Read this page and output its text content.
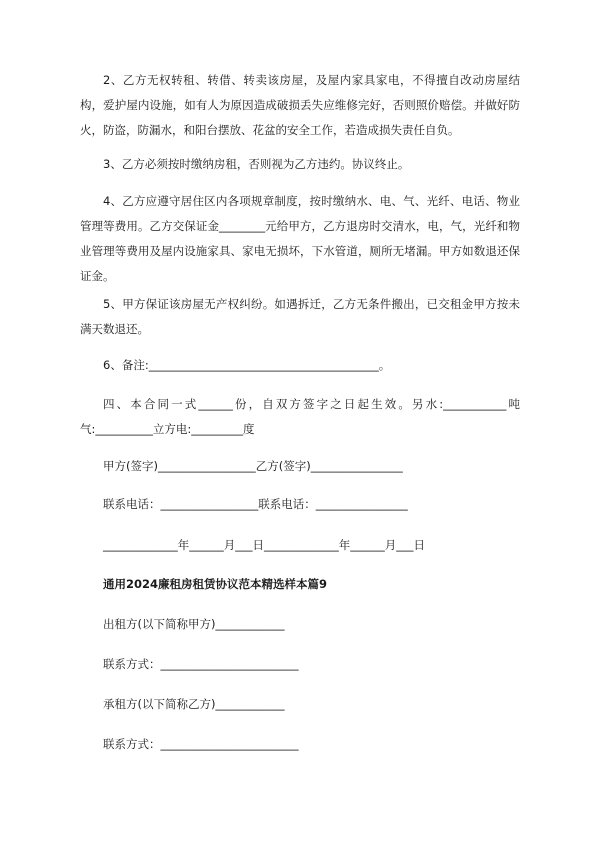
2、乙方无权转租、转借、转卖该房屋，及屋内家具家电，不得擅自改动房屋结构，爱护屋内设施，如有人为原因造成破损丢失应维修完好，否则照价赔偿。并做好防火，防盗，防漏水，和阳台摆放、花盆的安全工作，若造成损失责任自负。

3、乙方必须按时缴纳房租，否则视为乙方违约。协议终止。

4、乙方应遵守居住区内各项规章制度，按时缴纳水、电、气、光纤、电话、物业管理等费用。乙方交保证金________元给甲方，乙方退房时交清水，电，气，光纤和物业管理等费用及屋内设施家具、家电无损坏，下水管道，厕所无堵漏。甲方如数退还保证金。

5、甲方保证该房屋无产权纠纷。如遇拆迁，乙方无条件搬出，已交租金甲方按未满天数退还。

6、备注:________________________________________。

四、本合同一式______份，自双方签字之日起生效。另水:___________吨气:__________立方电:_________度

甲方(签字)_________________乙方(签字)________________

联系电话：_________________联系电话：________________

_____________年______月___日_____________年______月___日

通用2024廉租房租赁协议范本精选样本篇9

出租方(以下简称甲方)____________

联系方式：________________________

承租方(以下简称乙方)____________

联系方式：________________________
